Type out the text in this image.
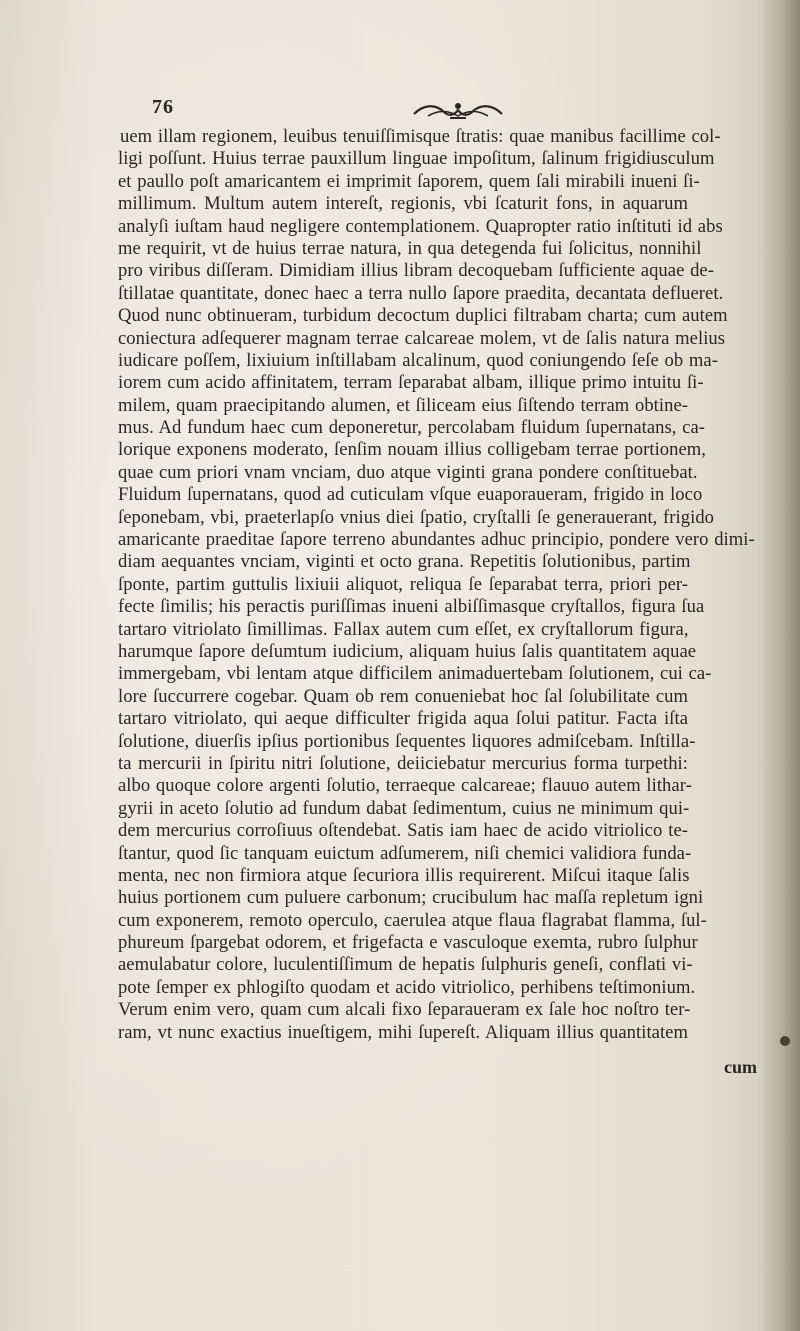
76
uem illam regionem, leuibus tenuiſſimisque ſtratis: quae manibus facillime col-
ligi poſſunt. Huius terrae pauxillum linguae impoſitum, ſalinum frigidiusculum
et paullo poſt amaricantem ei imprimit ſaporem, quem ſali mirabili inueni ſi-
millimum. Multum autem intereſt, regionis, vbi ſcaturit fons, in aquarum
analyſi iuſtam haud negligere contemplationem. Quapropter ratio inſtituti id abs
me requirit, vt de huius terrae natura, in qua detegenda fui ſolicitus, nonnihil
pro viribus diſſeram. Dimidiam illius libram decoquebam ſufficiente aquae de-
ſtillatae quantitate, donec haec a terra nullo ſapore praedita, decantata deflueret.
Quod nunc obtinueram, turbidum decoctum duplici filtrabam charta; cum autem
coniectura adſequerer magnam terrae calcareae molem, vt de ſalis natura melius
iudicare poſſem, lixiuium inſtillabam alcalinum, quod coniungendo ſeſe ob ma-
iorem cum acido affinitatem, terram ſeparabat albam, illique primo intuitu ſi-
milem, quam praecipitando alumen, et ſiliceam eius ſiſtendo terram obtine-
mus. Ad fundum haec cum deponeretur, percolabam fluidum ſupernatans, ca-
lorique exponens moderato, ſenſim nouam illius colligebam terrae portionem,
quae cum priori vnam vnciam, duo atque viginti grana pondere conſtituebat.
Fluidum ſupernatans, quod ad cuticulam vſque euaporaueram, frigido in loco
ſeponebam, vbi, praeterlapſo vnius diei ſpatio, cryſtalli ſe generauerant, frigido
amaricante praeditae ſapore terreno abundantes adhuc principio, pondere vero dimi-
diam aequantes vnciam, viginti et octo grana. Repetitis ſolutionibus, partim
ſponte, partim guttulis lixiuii aliquot, reliqua ſe ſeparabat terra, priori per-
fecte ſimilis; his peractis puriſſimas inueni albiſſimasque cryſtallos, figura ſua
tartaro vitriolato ſimillimas. Fallax autem cum eſſet, ex cryſtallorum figura,
harumque ſapore deſumtum iudicium, aliquam huius ſalis quantitatem aquae
immergebam, vbi lentam atque difficilem animaduertebam ſolutionem, cui ca-
lore ſuccurrere cogebar. Quam ob rem conueniebat hoc ſal ſolubilitate cum
tartaro vitriolato, qui aeque difficulter frigida aqua ſolui patitur. Facta iſta
ſolutione, diuerſis ipſius portionibus ſequentes liquores admiſcebam. Inſtilla-
ta mercurii in ſpiritu nitri ſolutione, deiiciebatur mercurius forma turpethi:
albo quoque colore argenti ſolutio, terraeque calcareae; flauuo autem lithar-
gyrii in aceto ſolutio ad fundum dabat ſedimentum, cuius ne minimum qui-
dem mercurius corroſiuus oſtendebat. Satis iam haec de acido vitriolico te-
ſtantur, quod ſic tanquam euictum adſumerem, niſi chemici validiora funda-
menta, nec non firmiora atque ſecuriora illis requirerent. Miſcui itaque ſalis
huius portionem cum puluere carbonum; crucibulum hac maſſa repletum igni
cum exponerem, remoto operculo, caerulea atque flaua flagrabat flamma, ſul-
phureum ſpargebat odorem, et frigefacta e vasculoque exemta, rubro ſulphur
aemulabatur colore, luculentiſſimum de hepatis ſulphuris geneſi, conflati vi-
pote ſemper ex phlogiſto quodam et acido vitriolico, perhibens teſtimonium.
Verum enim vero, quam cum alcali fixo ſeparaueram ex ſale hoc noſtro ter-
ram, vt nunc exactius inueſtigem, mihi ſupereſt. Aliquam illius quantitatem
cum
